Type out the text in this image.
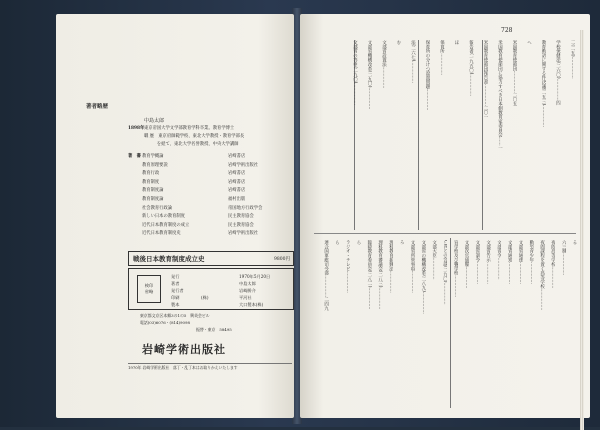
著者略歴
中島太郎
1898年 東京帝国大学文学部教育学科卒業。教育学博士
職 歴　東京府師範学校、東北大学教授・教育学部長
　　　を経て、東北大学名誉教授、中央大学講師
著　書 教育学概論	岩崎書店
教育原理要説	岩崎学術出版社
教育行政	岩崎書店
教育制度	岩崎書店
教育制度論	岩崎書店
教育制度論	福村出版
社会教育行政論	帝国地方行政学会
新しい日本の教育制度	民主教育協会
近代日本教育制度の成立	民主教育協会
近代日本教育制度史	岩崎学術出版社
戦後日本教育制度成立史	9800円
検印
省略
発行	1970年5月20日
著者	中島太郎
発行者	岩崎勝介
印刷	(株)	平河社
製本	大口製本(株)
東京都文京区本郷3の1の5　興英会ビル
電話(03)6076・(814)9098
振替・東京　58495
岩崎学術出版社
1970年 岩崎学術出版社　落丁・乱丁本はお取りかえいたします
728
二(二五)……………
学校保健法(二六〇)……………四
教育勅語に関する件決議(二五三)……………
へ
米国教育使節団……………二〇五
米国教育使節団に協力すべき日本側教育家委員会……一
米国教育使節団報告書……………二〇一
報告書(一九五〇)……………
ほ
保育所……………
保育所の分けつ設置問題……………
法(二六七)……………
む
文部省設置法……………
文部省機構改革(二九〇)……………
文部省の答申(二九〇)……………
る
六三制……………
夜間高等学校……………
夜間課程を置く高等学校……………
勤労青少年……………
文部省通達……………
文部省通知……………
文部省令……………
文部省告示……………
文部省訓令……………
文部次官通牒……………
盲学校及び聾学校……………
CIEとの会談(二九〇)……………
文部大臣……………
文部省の機構改革(二八九)……………
文部省所管事項……………
ろ
理科教育振興法……………
理科教育審議会(二八三)……………
臨時教育委員会(二八二)……………
ら
ラジオ・テレビ……………
ら
連合国軍総司令部……………二四九
